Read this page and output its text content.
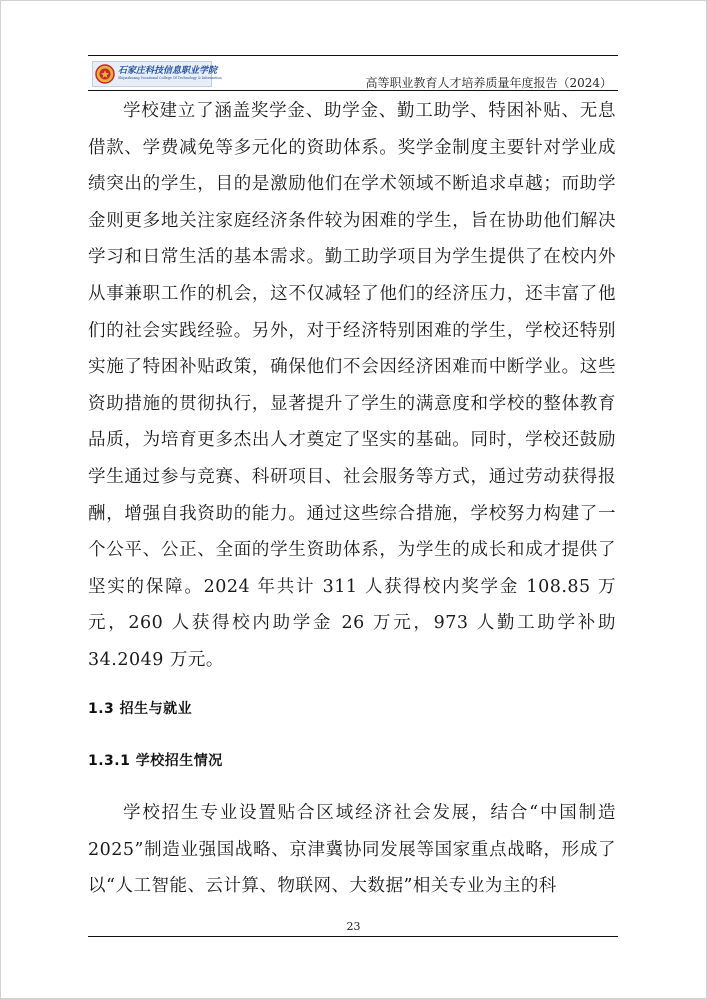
石家庄科技信息职业学院
Shijiazhuang Vocational College Of Technology & Information	高等职业教育人才培养质量年度报告（2024）

学校建立了涵盖奖学金、助学金、勤工助学、特困补贴、无息借款、学费减免等多元化的资助体系。奖学金制度主要针对学业成绩突出的学生，目的是激励他们在学术领域不断追求卓越；而助学金则更多地关注家庭经济条件较为困难的学生，旨在协助他们解决学习和日常生活的基本需求。勤工助学项目为学生提供了在校内外从事兼职工作的机会，这不仅减轻了他们的经济压力，还丰富了他们的社会实践经验。另外，对于经济特别困难的学生，学校还特别实施了特困补贴政策，确保他们不会因经济困难而中断学业。这些资助措施的贯彻执行，显著提升了学生的满意度和学校的整体教育品质，为培育更多杰出人才奠定了坚实的基础。同时，学校还鼓励学生通过参与竞赛、科研项目、社会服务等方式，通过劳动获得报酬，增强自我资助的能力。通过这些综合措施，学校努力构建了一个公平、公正、全面的学生资助体系，为学生的成长和成才提供了坚实的保障。2024 年共计 311 人获得校内奖学金 108.85 万元，260 人获得校内助学金 26 万元，973 人勤工助学补助 34.2049 万元。

1.3 招生与就业
1.3.1 学校招生情况

学校招生专业设置贴合区域经济社会发展，结合“中国制造2025”制造业强国战略、京津冀协同发展等国家重点战略，形成了以“人工智能、云计算、物联网、大数据”相关专业为主的科

23
